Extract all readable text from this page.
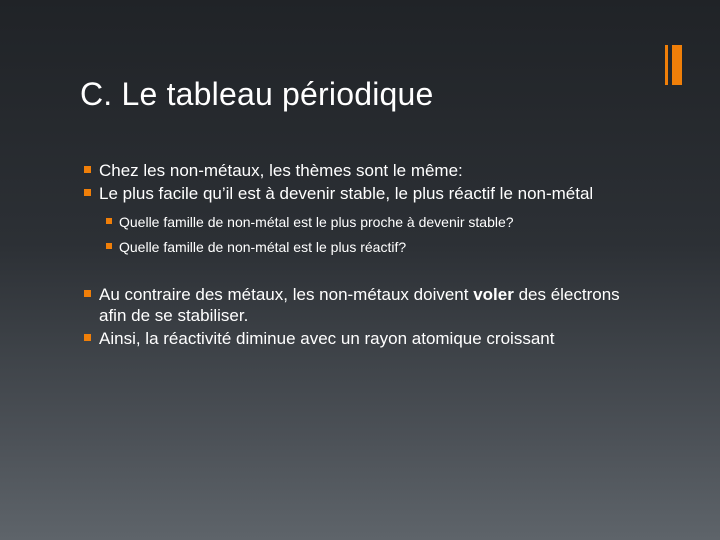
C. Le tableau périodique
Chez les non-métaux, les thèmes sont le même:
Le plus facile qu’il est à devenir stable, le plus réactif le non-métal
Quelle famille de non-métal est le plus proche à devenir stable?
Quelle famille de non-métal est le plus réactif?
Au contraire des métaux, les non-métaux doivent voler des électrons afin de se stabiliser.
Ainsi, la réactivité diminue avec un rayon atomique croissant
